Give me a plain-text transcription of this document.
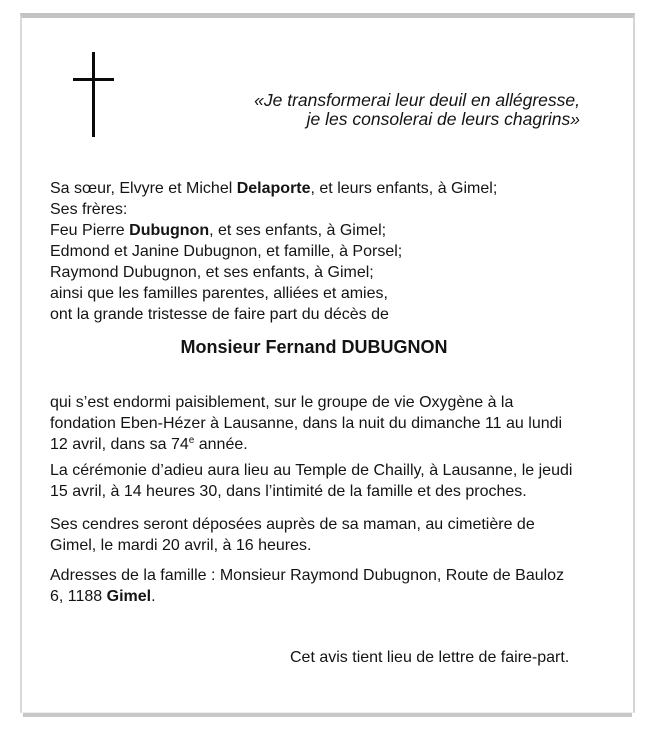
«Je transformerai leur deuil en allégresse,
je les consolerai de leurs chagrins»
Sa sœur, Elvyre et Michel Delaporte, et leurs enfants, à Gimel;
Ses frères:
Feu Pierre Dubugnon, et ses enfants, à Gimel;
Edmond et Janine Dubugnon, et famille, à Porsel;
Raymond Dubugnon, et ses enfants, à Gimel;
ainsi que les familles parentes, alliées et amies,
ont la grande tristesse de faire part du décès de
Monsieur Fernand DUBUGNON
qui s’est endormi paisiblement, sur le groupe de vie Oxygène à la
fondation Eben-Hézer à Lausanne, dans la nuit du dimanche 11 au lundi
12 avril, dans sa 74e année.
La cérémonie d’adieu aura lieu au Temple de Chailly, à Lausanne, le jeudi
15 avril, à 14 heures 30, dans l’intimité de la famille et des proches.
Ses cendres seront déposées auprès de sa maman, au cimetière de
Gimel, le mardi 20 avril, à 16 heures.
Adresses de la famille : Monsieur Raymond Dubugnon, Route de Bauloz
6, 1188 Gimel.
Cet avis tient lieu de lettre de faire-part.
